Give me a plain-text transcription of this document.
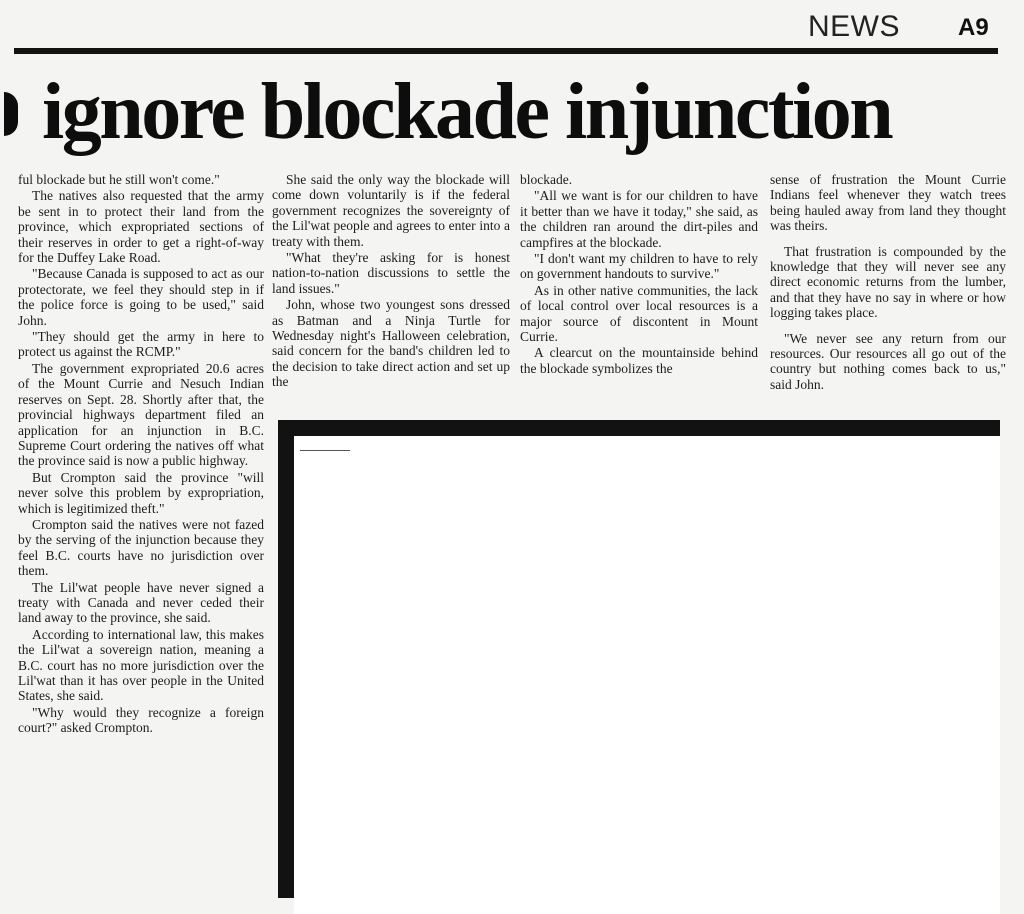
NEWS A9
ignore blockade injunction

ful blockade but he still won't come."

The natives also requested that the army be sent in to protect their land from the province, which expropriated sections of their reserves in order to get a right-of-way for the Duffey Lake Road.

"Because Canada is supposed to act as our protectorate, we feel they should step in if the police force is going to be used," said John.

"They should get the army in here to protect us against the RCMP."

The government expropriated 20.6 acres of the Mount Currie and Nesuch Indian reserves on Sept. 28. Shortly after that, the provincial highways department filed an application for an injunction in B.C. Supreme Court ordering the natives off what the province said is now a public highway.

But Crompton said the province "will never solve this problem by expropriation, which is legitimized theft."

Crompton said the natives were not fazed by the serving of the injunction because they feel B.C. courts have no jurisdiction over them.

The Lil'wat people have never signed a treaty with Canada and never ceded their land away to the province, she said.

According to international law, this makes the Lil'wat a sovereign nation, meaning a B.C. court has no more jurisdiction over the Lil'wat than it has over people in the United States, she said.

"Why would they recognize a foreign court?" asked Crompton.

She said the only way the blockade will come down voluntarily is if the federal government recognizes the sovereignty of the Lil'wat people and agrees to enter into a treaty with them.

"What they're asking for is honest nation-to-nation discussions to settle the land issues."

John, whose two youngest sons dressed as Batman and a Ninja Turtle for Wednesday night's Halloween celebration, said concern for the band's children led to the decision to take direct action and set up the

blockade.

"All we want is for our children to have it better than we have it today," she said, as the children ran around the dirt-piles and campfires at the blockade.

"I don't want my children to have to rely on government handouts to survive."

As in other native communities, the lack of local control over local resources is a major source of discontent in Mount Currie.

A clearcut on the mountainside behind the blockade symbolizes the

sense of frustration the Mount Currie Indians feel whenever they watch trees being hauled away from land they thought was theirs.

That frustration is compounded by the knowledge that they will never see any direct economic returns from the lumber, and that they have no say in where or how logging takes place.

"We never see any return from our resources. Our resources all go out of the country but nothing comes back to us," said John.
